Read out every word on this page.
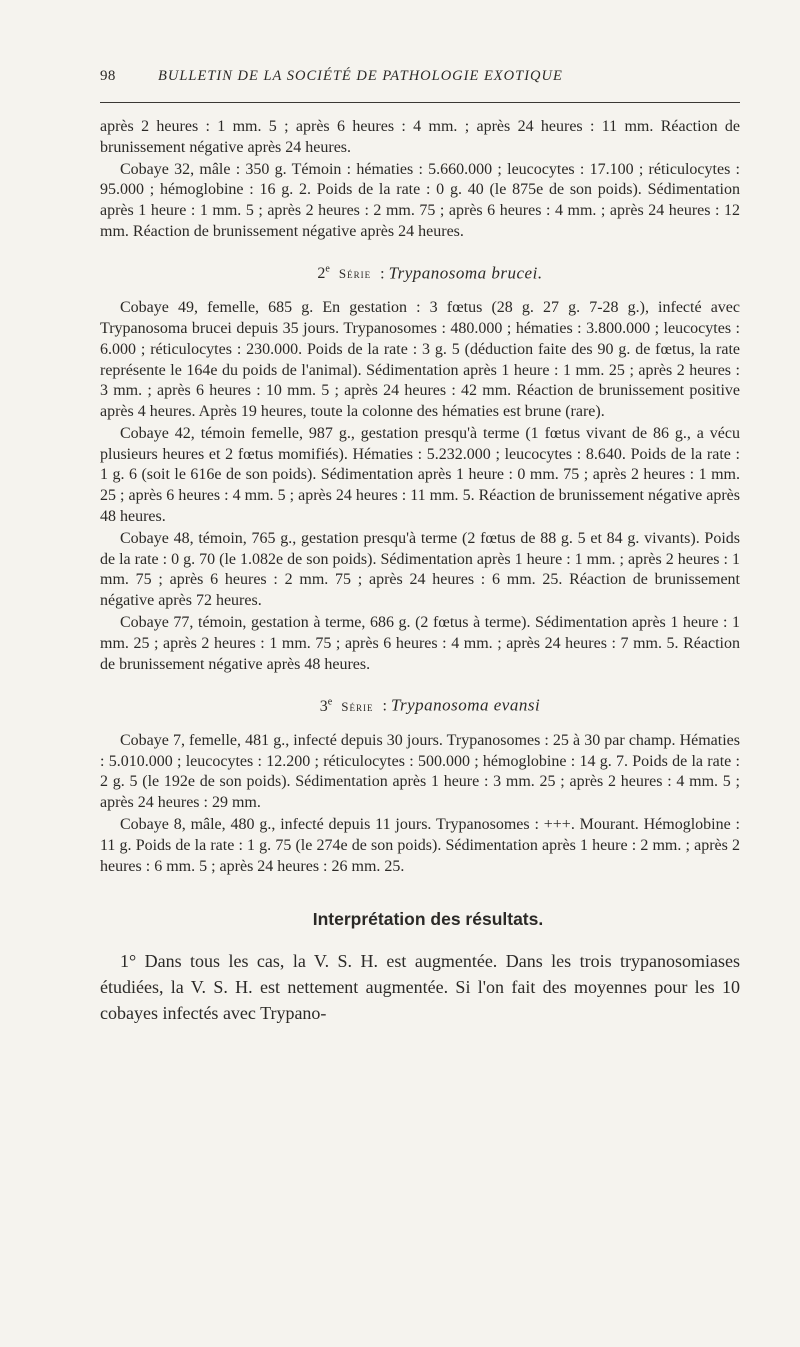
98	BULLETIN DE LA SOCIÉTÉ DE PATHOLOGIE EXOTIQUE

après 2 heures : 1 mm. 5 ; après 6 heures : 4 mm. ; après 24 heures : 11 mm. Réaction de brunissement négative après 24 heures.

Cobaye 32, mâle : 350 g. Témoin : hématies : 5.660.000 ; leucocytes : 17.100 ; réticulocytes : 95.000 ; hémoglobine : 16 g. 2. Poids de la rate : 0 g. 40 (le 875e de son poids). Sédimentation après 1 heure : 1 mm. 5 ; après 2 heures : 2 mm. 75 ; après 6 heures : 4 mm. ; après 24 heures : 12 mm. Réaction de brunissement négative après 24 heures.

2e Série : Trypanosoma brucei.

Cobaye 49, femelle, 685 g. En gestation : 3 fœtus (28 g. 27 g. 7-28 g.), infecté avec Trypanosoma brucei depuis 35 jours. Trypanosomes : 480.000 ; hématies : 3.800.000 ; leucocytes : 6.000 ; réticulocytes : 230.000. Poids de la rate : 3 g. 5 (déduction faite des 90 g. de fœtus, la rate représente le 164e du poids de l'animal). Sédimentation après 1 heure : 1 mm. 25 ; après 2 heures : 3 mm. ; après 6 heures : 10 mm. 5 ; après 24 heures : 42 mm. Réaction de brunissement positive après 4 heures. Après 19 heures, toute la colonne des hématies est brune (rare).

Cobaye 42, témoin femelle, 987 g., gestation presqu'à terme (1 fœtus vivant de 86 g., a vécu plusieurs heures et 2 fœtus momifiés). Hématies : 5.232.000 ; leucocytes : 8.640. Poids de la rate : 1 g. 6 (soit le 616e de son poids). Sédimentation après 1 heure : 0 mm. 75 ; après 2 heures : 1 mm. 25 ; après 6 heures : 4 mm. 5 ; après 24 heures : 11 mm. 5. Réaction de brunissement négative après 48 heures.

Cobaye 48, témoin, 765 g., gestation presqu'à terme (2 fœtus de 88 g. 5 et 84 g. vivants). Poids de la rate : 0 g. 70 (le 1.082e de son poids). Sédimentation après 1 heure : 1 mm. ; après 2 heures : 1 mm. 75 ; après 6 heures : 2 mm. 75 ; après 24 heures : 6 mm. 25. Réaction de brunissement négative après 72 heures.

Cobaye 77, témoin, gestation à terme, 686 g. (2 fœtus à terme). Sédimentation après 1 heure : 1 mm. 25 ; après 2 heures : 1 mm. 75 ; après 6 heures : 4 mm. ; après 24 heures : 7 mm. 5. Réaction de brunissement négative après 48 heures.

3e Série : Trypanosoma evansi

Cobaye 7, femelle, 481 g., infecté depuis 30 jours. Trypanosomes : 25 à 30 par champ. Hématies : 5.010.000 ; leucocytes : 12.200 ; réticulocytes : 500.000 ; hémoglobine : 14 g. 7. Poids de la rate : 2 g. 5 (le 192e de son poids). Sédimentation après 1 heure : 3 mm. 25 ; après 2 heures : 4 mm. 5 ; après 24 heures : 29 mm.

Cobaye 8, mâle, 480 g., infecté depuis 11 jours. Trypanosomes : +++. Mourant. Hémoglobine : 11 g. Poids de la rate : 1 g. 75 (le 274e de son poids). Sédimentation après 1 heure : 2 mm. ; après 2 heures : 6 mm. 5 ; après 24 heures : 26 mm. 25.

Interprétation des résultats.

1° Dans tous les cas, la V. S. H. est augmentée. Dans les trois trypanosomiases étudiées, la V. S. H. est nettement augmentée. Si l'on fait des moyennes pour les 10 cobayes infectés avec Trypano-
